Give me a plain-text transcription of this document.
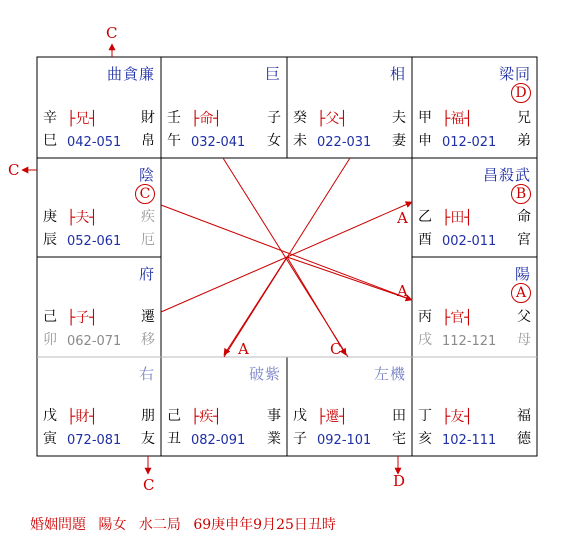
曲貪廉
辛
巳
├兄┤
042-051
財
帛
巨
壬
午
├命┤
032-041
子
女
相
癸
未
├父┤
022-031
夫
妻
梁同
D
甲
申
├福┤
012-021
兄
弟
陰
C
庚
辰
├夫┤
052-061
疾
厄
昌殺武
B
乙
酉
├田┤
002-011
命
宮
府
己
卯
├子┤
062-071
遷
移
陽
A
丙
戌
├官┤
112-121
父
母
右
戊
寅
├財┤
072-081
朋
友
破紫
己
丑
├疾┤
082-091
事
業
左機
戊
子
├遷┤
092-101
田
宅
丁
亥
├友┤
102-111
福
德
C
C
C	D
A
A
A	C
婚姻問題 陽女 水二局 69庚申年9月25日丑時
